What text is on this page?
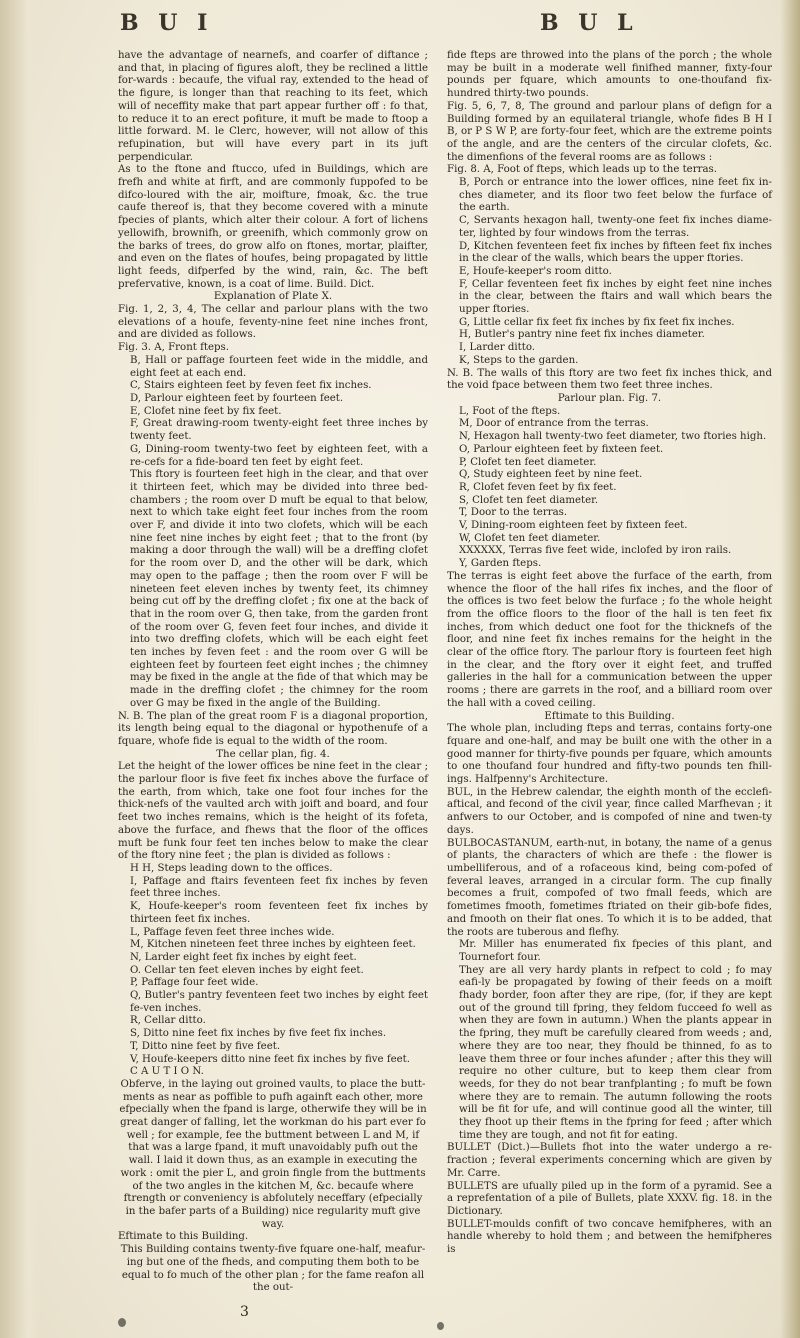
B U I	B U L

have the advantage of nearnefs, and coarfer of diftance ; and that, in placing of figures aloft, they be reclined a little for-wards : becaufe, the vifual ray, extended to the head of the figure, is longer than that reaching to its feet, which will of neceffity make that part appear further off : fo that, to reduce it to an erect pofiture, it muft be made to ftoop a little forward. M. le Clerc, however, will not allow of this refupination, but will have every part in its juft perpendicular.

As to the ftone and ftucco, ufed in Buildings, which are frefh and white at firft, and are commonly fuppofed to be difco-loured with the air, moifture, fmoak, &c. the true caufe thereof is, that they become covered with a minute fpecies of plants, which alter their colour. A fort of lichens yellowifh, brownifh, or greenifh, which commonly grow on the barks of trees, do grow alfo on ftones, mortar, plaifter, and even on the flates of houfes, being propagated by little light feeds, difperfed by the wind, rain, &c. The beft prefervative, known, is a coat of lime. Build. Dict.

Explanation of Plate X.

Fig. 1, 2, 3, 4, The cellar and parlour plans with the two elevations of a houfe, feventy-nine feet nine inches front, and are divided as follows.

Fig. 3. A, Front fteps.

B, Hall or paffage fourteen feet wide in the middle, and eight feet at each end.

C, Stairs eighteen feet by feven feet fix inches.

D, Parlour eighteen feet by fourteen feet.

E, Clofet nine feet by fix feet.

F, Great drawing-room twenty-eight feet three inches by twenty feet.

G, Dining-room twenty-two feet by eighteen feet, with a re-cefs for a fide-board ten feet by eight feet.

This ftory is fourteen feet high in the clear, and that over it thirteen feet, which may be divided into three bed-chambers ; the room over D muft be equal to that below, next to which take eight feet four inches from the room over F, and divide it into two clofets, which will be each nine feet nine inches by eight feet ; that to the front (by making a door through the wall) will be a dreffing clofet for the room over D, and the other will be dark, which may open to the paffage ; then the room over F will be nineteen feet eleven inches by twenty feet, its chimney being cut off by the dreffing clofet ; fix one at the back of that in the room over G, then take, from the garden front of the room over G, feven feet four inches, and divide it into two dreffing clofets, which will be each eight feet ten inches by feven feet : and the room over G will be eighteen feet by fourteen feet eight inches ; the chimney may be fixed in the angle at the fide of that which may be made in the dreffing clofet ; the chimney for the room over G may be fixed in the angle of the Building.

N. B. The plan of the great room F is a diagonal proportion, its length being equal to the diagonal or hypothenufe of a fquare, whofe fide is equal to the width of the room.

The cellar plan, fig. 4.

Let the height of the lower offices be nine feet in the clear ; the parlour floor is five feet fix inches above the furface of the earth, from which, take one foot four inches for the thick-nefs of the vaulted arch with joift and board, and four feet two inches remains, which is the height of its fofeta, above the furface, and fhews that the floor of the offices muft be funk four feet ten inches below to make the clear of the ftory nine feet ; the plan is divided as follows :

H H, Steps leading down to the offices.

I, Paffage and ftairs feventeen feet fix inches by feven feet three inches.

K, Houfe-keeper's room feventeen feet fix inches by thirteen feet fix inches.

L, Paffage feven feet three inches wide.

M, Kitchen nineteen feet three inches by eighteen feet.

N, Larder eight feet fix inches by eight feet.

O. Cellar ten feet eleven inches by eight feet.

P, Paffage four feet wide.

Q, Butler's pantry feventeen feet two inches by eight feet fe-ven inches.

R, Cellar ditto.

S, Ditto nine feet fix inches by five feet fix inches.

T, Ditto nine feet by five feet.

V, Houfe-keepers ditto nine feet fix inches by five feet.

C A U T I O N.

Obferve, in the laying out groined vaults, to place the butt-ments as near as poffible to pufh againft each other, more efpecially when the fpand is large, otherwife they will be in great danger of falling, let the workman do his part ever fo well ; for example, fee the buttment between L and M, if that was a large fpand, it muft unavoidably pufh out the wall. I laid it down thus, as an example in executing the work : omit the pier L, and groin fingle from the buttments of the two angles in the kitchen M, &c. becaufe where ftrength or conveniency is abfolutely neceffary (efpecially in the bafer parts of a Building) nice regularity muft give way.

Eftimate to this Building.

This Building contains twenty-five fquare one-half, meafur-ing but one of the fheds, and computing them both to be equal to fo much of the other plan ; for the fame reafon all the out-

fide fteps are throwed into the plans of the porch ; the whole may be built in a moderate well finifhed manner, fixty-four pounds per fquare, which amounts to one-thoufand fix-hundred thirty-two pounds.

Fig. 5, 6, 7, 8, The ground and parlour plans of defign for a Building formed by an equilateral triangle, whofe fides B H I B, or P S W P, are forty-four feet, which are the extreme points of the angle, and are the centers of the circular clofets, &c. the dimenfions of the feveral rooms are as follows :

Fig. 8. A, Foot of fteps, which leads up to the terras.

B, Porch or entrance into the lower offices, nine feet fix in-ches diameter, and its floor two feet below the furface of the earth.

C, Servants hexagon hall, twenty-one feet fix inches diame-ter, lighted by four windows from the terras.

D, Kitchen feventeen feet fix inches by fifteen feet fix inches in the clear of the walls, which bears the upper ftories.

E, Houfe-keeper's room ditto.

F, Cellar feventeen feet fix inches by eight feet nine inches in the clear, between the ftairs and wall which bears the upper ftories.

G, Little cellar fix feet fix inches by fix feet fix inches.

H, Butler's pantry nine feet fix inches diameter.

I, Larder ditto.

K, Steps to the garden.

N. B. The walls of this ftory are two feet fix inches thick, and the void fpace between them two feet three inches.

Parlour plan. Fig. 7.

L, Foot of the fteps.

M, Door of entrance from the terras.

N, Hexagon hall twenty-two feet diameter, two ftories high.

O, Parlour eighteen feet by fixteen feet.

P, Clofet ten feet diameter.

Q, Study eighteen feet by nine feet.

R, Clofet feven feet by fix feet.

S, Clofet ten feet diameter.

T, Door to the terras.

V, Dining-room eighteen feet by fixteen feet.

W, Clofet ten feet diameter.

XXXXXX, Terras five feet wide, inclofed by iron rails.

Y, Garden fteps.

The terras is eight feet above the furface of the earth, from whence the floor of the hall rifes fix inches, and the floor of the offices is two feet below the furface ; fo the whole height from the office floors to the floor of the hall is ten feet fix inches, from which deduct one foot for the thicknefs of the floor, and nine feet fix inches remains for the height in the clear of the office ftory. The parlour ftory is fourteen feet high in the clear, and the ftory over it eight feet, and truffed galleries in the hall for a communication between the upper rooms ; there are garrets in the roof, and a billiard room over the hall with a coved ceiling.

Eftimate to this Building.

The whole plan, including fteps and terras, contains forty-one fquare and one-half, and may be built one with the other in a good manner for thirty-five pounds per fquare, which amounts to one thoufand four hundred and fifty-two pounds ten fhill-ings. Halfpenny's Architecture.

BUL, in the Hebrew calendar, the eighth month of the ecclefi-aftical, and fecond of the civil year, fince called Marfhevan ; it anfwers to our October, and is compofed of nine and twen-ty days.

BULBOCASTANUM, earth-nut, in botany, the name of a genus of plants, the characters of which are thefe : the flower is umbelliferous, and of a rofaceous kind, being com-pofed of feveral leaves, arranged in a circular form. The cup finally becomes a fruit, compofed of two fmall feeds, which are fometimes fmooth, fometimes ftriated on their gib-bofe fides, and fmooth on their flat ones. To which it is to be added, that the roots are tuberous and flefhy.

Mr. Miller has enumerated fix fpecies of this plant, and Tournefort four.

They are all very hardy plants in refpect to cold ; fo may eafi-ly be propagated by fowing of their feeds on a moift fhady border, foon after they are ripe, (for, if they are kept out of the ground till fpring, they feldom fucceed fo well as when they are fown in autumn.) When the plants appear in the fpring, they muft be carefully cleared from weeds ; and, where they are too near, they fhould be thinned, fo as to leave them three or four inches afunder ; after this they will require no other culture, but to keep them clear from weeds, for they do not bear tranfplanting ; fo muft be fown where they are to remain. The autumn following the roots will be fit for ufe, and will continue good all the winter, till they fhoot up their ftems in the fpring for feed ; after which time they are tough, and not fit for eating.

BULLET (Dict.)—Bullets fhot into the water undergo a re-fraction ; feveral experiments concerning which are given by Mr. Carre.

BULLETS are ufually piled up in the form of a pyramid. See a a reprefentation of a pile of Bullets, plate XXXV. fig. 18. in the Dictionary.

BULLET-moulds confift of two concave hemifpheres, with an handle whereby to hold them ; and between the hemifpheres is

3
